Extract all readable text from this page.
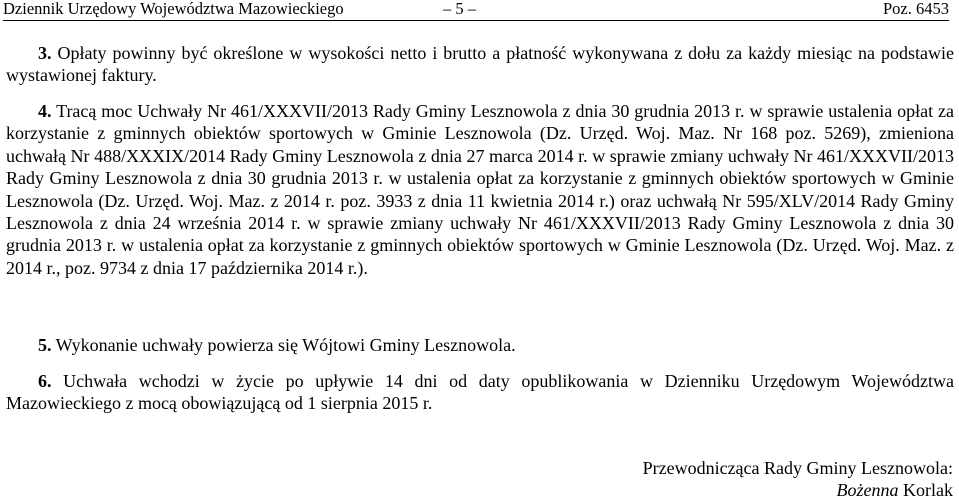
Dziennik Urzędowy Województwa Mazowieckiego	– 5 –	Poz. 6453

3. Opłaty powinny być określone w wysokości netto i brutto a płatność wykonywana z dołu za każdy miesiąc na podstawie wystawionej faktury.

4. Tracą moc Uchwały Nr 461/XXXVII/2013 Rady Gminy Lesznowola z dnia 30 grudnia 2013 r. w sprawie ustalenia opłat za korzystanie z gminnych obiektów sportowych w Gminie Lesznowola (Dz. Urzęd. Woj. Maz. Nr 168 poz. 5269), zmieniona uchwałą Nr 488/XXXIX/2014 Rady Gminy Lesznowola z dnia 27 marca 2014 r. w sprawie zmiany uchwały Nr 461/XXXVII/2013 Rady Gminy Lesznowola z dnia 30 grudnia 2013 r. w ustalenia opłat za korzystanie z gminnych obiektów sportowych w Gminie Lesznowola (Dz. Urzęd. Woj. Maz. z 2014 r. poz. 3933 z dnia 11 kwietnia 2014 r.) oraz uchwałą Nr 595/XLV/2014 Rady Gminy Lesznowola z dnia 24 września 2014 r. w sprawie zmiany uchwały Nr 461/XXXVII/2013 Rady Gminy Lesznowola z dnia 30 grudnia 2013 r. w ustalenia opłat za korzystanie z gminnych obiektów sportowych w Gminie Lesznowola (Dz. Urzęd. Woj. Maz. z 2014 r., poz. 9734 z dnia 17 października 2014 r.).

5. Wykonanie uchwały powierza się Wójtowi Gminy Lesznowola.

6. Uchwała wchodzi w życie po upływie 14 dni od daty opublikowania w Dzienniku Urzędowym Województwa Mazowieckiego z mocą obowiązującą od 1 sierpnia 2015 r.

Przewodnicząca Rady Gminy Lesznowola:
Bożenna Korlak
